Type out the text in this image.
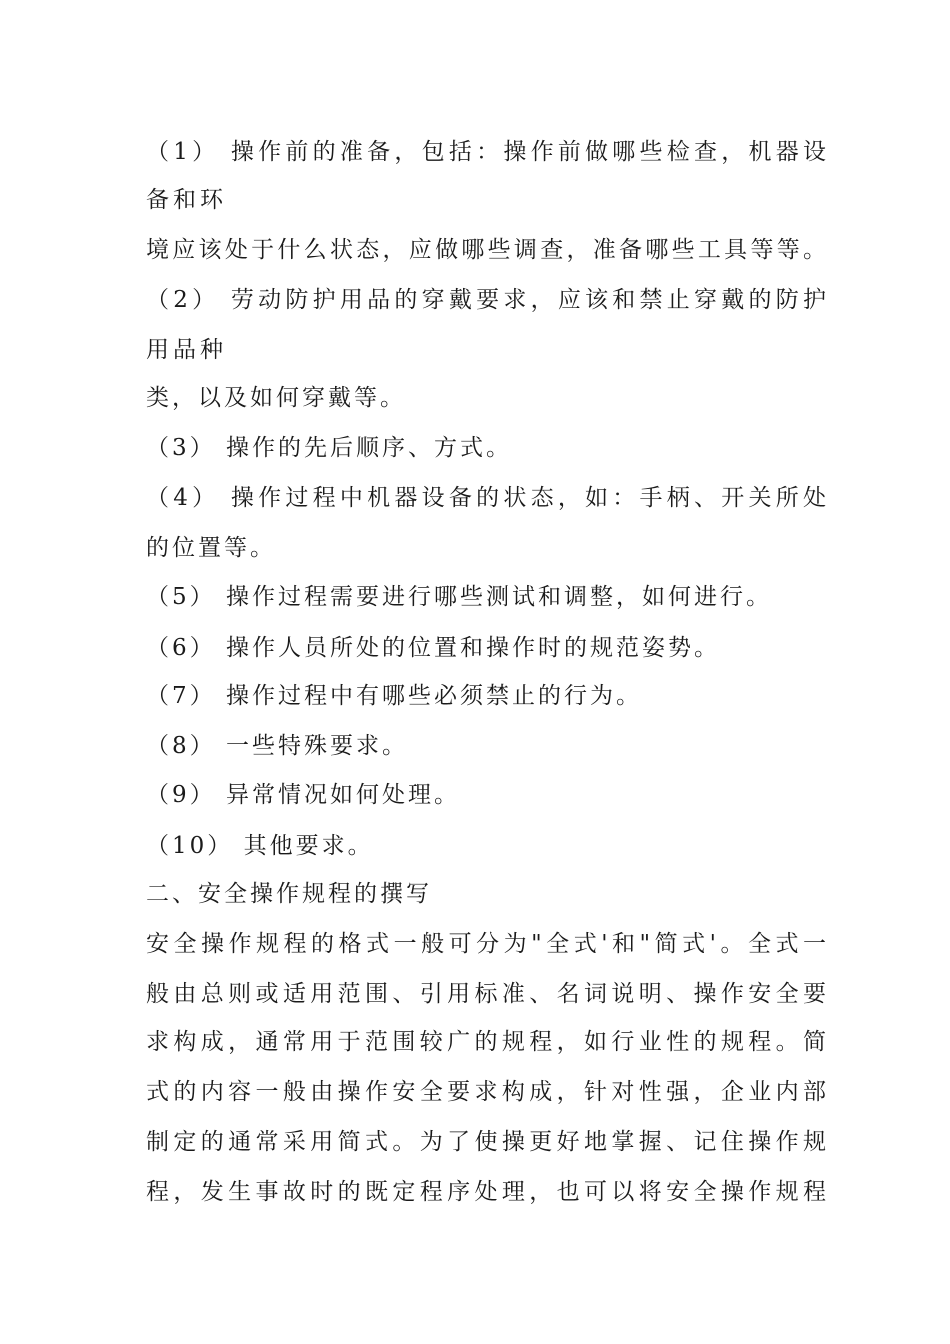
（1） 操作前的准备，包括：操作前做哪些检查，机器设
备和环
境应该处于什么状态，应做哪些调查，准备哪些工具等等。
（2） 劳动防护用品的穿戴要求，应该和禁止穿戴的防护
用品种
类，以及如何穿戴等。
（3） 操作的先后顺序、方式。
（4） 操作过程中机器设备的状态，如：手柄、开关所处
的位置等。
（5） 操作过程需要进行哪些测试和调整，如何进行。
（6） 操作人员所处的位置和操作时的规范姿势。
（7） 操作过程中有哪些必须禁止的行为。
（8） 一些特殊要求。
（9） 异常情况如何处理。
（10） 其他要求。
二、安全操作规程的撰写
安全操作规程的格式一般可分为"全式'和"简式'。全式一
般由总则或适用范围、引用标准、名词说明、操作安全要
求构成，通常用于范围较广的规程，如行业性的规程。简
式的内容一般由操作安全要求构成，针对性强，企业内部
制定的通常采用简式。为了使操更好地掌握、记住操作规
程，发生事故时的既定程序处理，也可以将安全操作规程
